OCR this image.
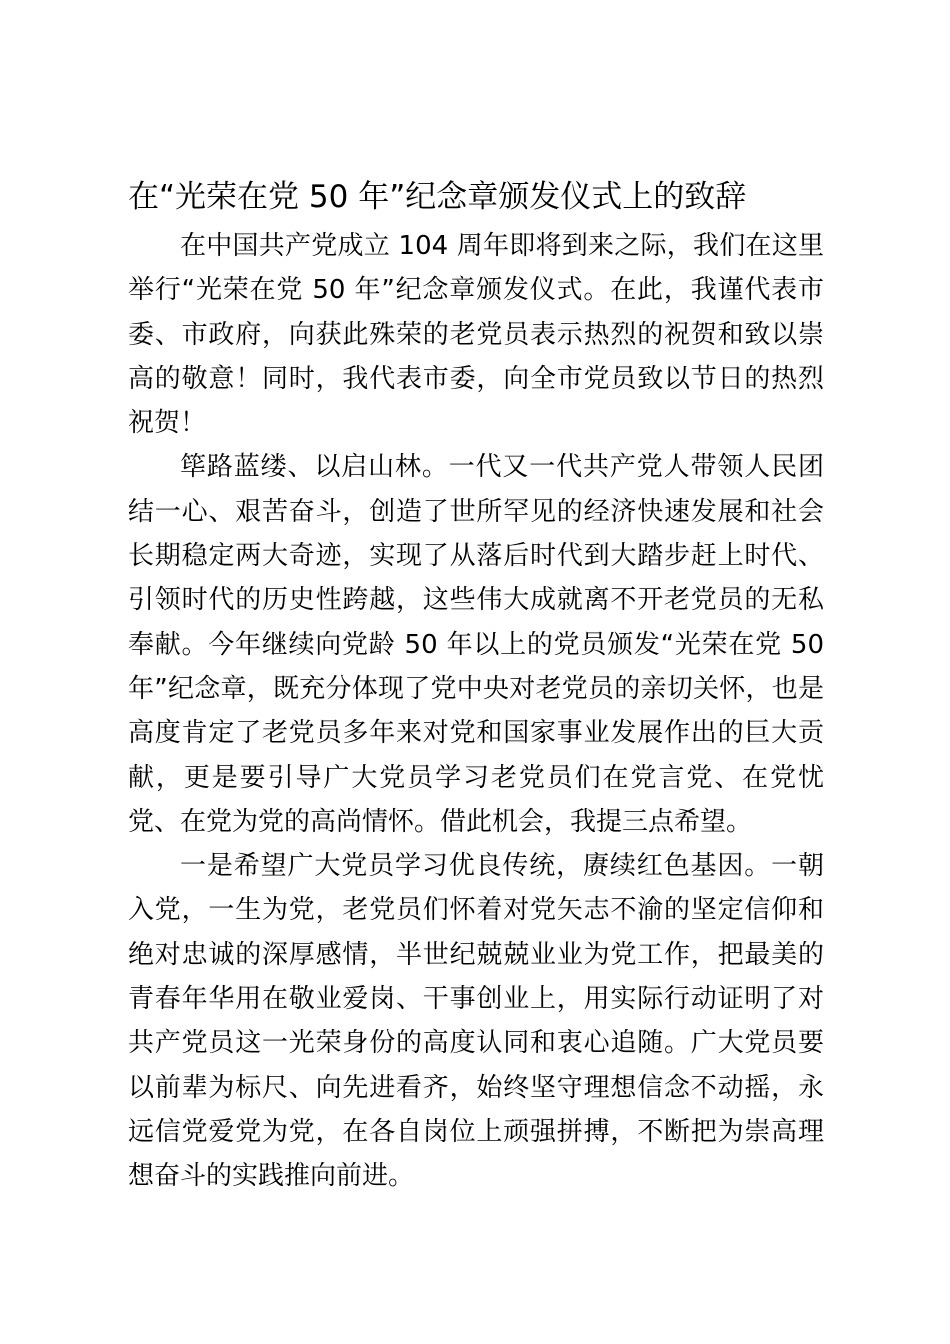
在“光荣在党 50 年”纪念章颁发仪式上的致辞

在中国共产党成立 104 周年即将到来之际，我们在这里举行“光荣在党 50 年”纪念章颁发仪式。在此，我谨代表市委、市政府，向获此殊荣的老党员表示热烈的祝贺和致以崇高的敬意！同时，我代表市委，向全市党员致以节日的热烈祝贺！

筚路蓝缕、以启山林。一代又一代共产党人带领人民团结一心、艰苦奋斗，创造了世所罕见的经济快速发展和社会长期稳定两大奇迹，实现了从落后时代到大踏步赶上时代、引领时代的历史性跨越，这些伟大成就离不开老党员的无私奉献。今年继续向党龄 50 年以上的党员颁发“光荣在党 50 年”纪念章，既充分体现了党中央对老党员的亲切关怀，也是高度肯定了老党员多年来对党和国家事业发展作出的巨大贡献，更是要引导广大党员学习老党员们在党言党、在党忧党、在党为党的高尚情怀。借此机会，我提三点希望。

一是希望广大党员学习优良传统，赓续红色基因。一朝入党，一生为党，老党员们怀着对党矢志不渝的坚定信仰和绝对忠诚的深厚感情，半世纪兢兢业业为党工作，把最美的青春年华用在敬业爱岗、干事创业上，用实际行动证明了对共产党员这一光荣身份的高度认同和衷心追随。广大党员要以前辈为标尺、向先进看齐，始终坚守理想信念不动摇，永远信党爱党为党，在各自岗位上顽强拼搏，不断把为崇高理想奋斗的实践推向前进。
